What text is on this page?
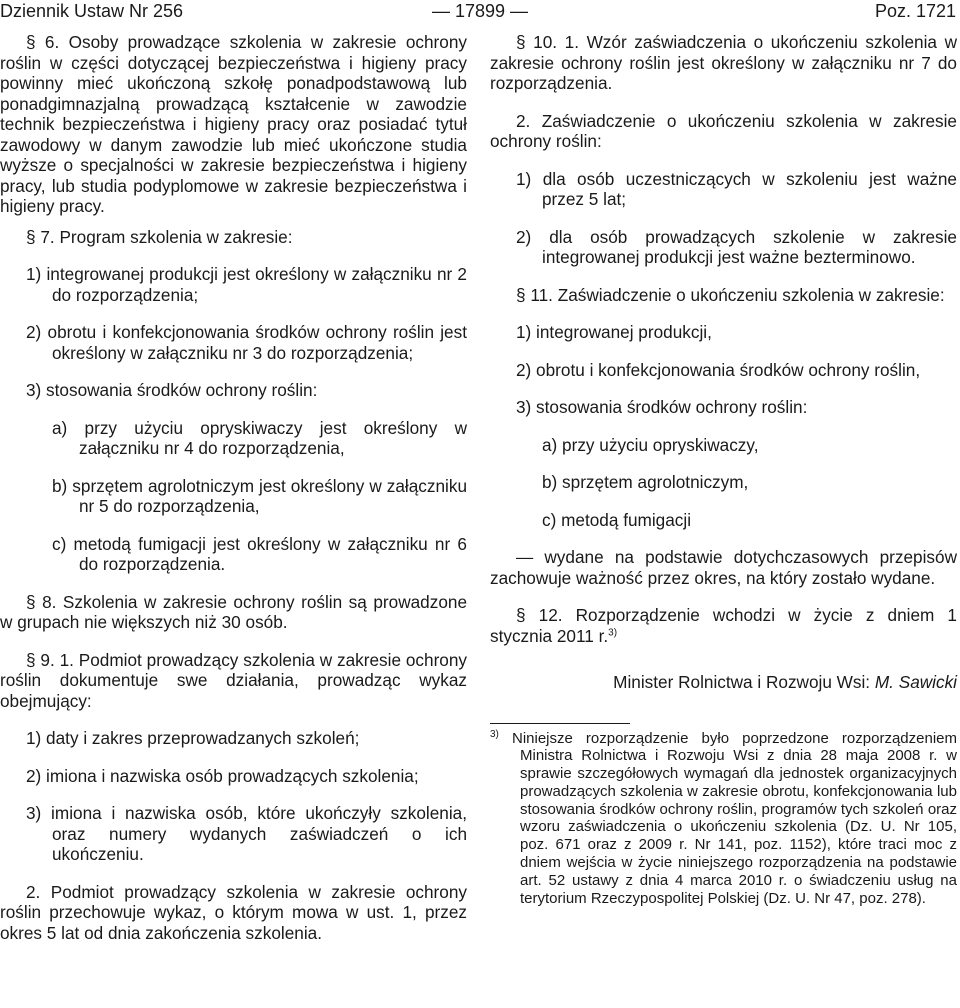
Dziennik Ustaw Nr 256	— 17899 —	Poz. 1721

§ 6. Osoby prowadzące szkolenia w zakresie ochrony roślin w części dotyczącej bezpieczeństwa i higieny pracy powinny mieć ukończoną szkołę ponadpodstawową lub ponadgimnazjalną prowadzącą kształcenie w zawodzie technik bezpieczeństwa i higieny pracy oraz posiadać tytuł zawodowy w danym zawodzie lub mieć ukończone studia wyższe o specjalności w zakresie bezpieczeństwa i higieny pracy, lub studia podyplomowe w zakresie bezpieczeństwa i higieny pracy.

§ 7. Program szkolenia w zakresie:

1) integrowanej produkcji jest określony w załączniku nr 2 do rozporządzenia;

2) obrotu i konfekcjonowania środków ochrony roślin jest określony w załączniku nr 3 do rozporządzenia;

3) stosowania środków ochrony roślin:

a) przy użyciu opryskiwaczy jest określony w załączniku nr 4 do rozporządzenia,

b) sprzętem agrolotniczym jest określony w załączniku nr 5 do rozporządzenia,

c) metodą fumigacji jest określony w załączniku nr 6 do rozporządzenia.

§ 8. Szkolenia w zakresie ochrony roślin są prowadzone w grupach nie większych niż 30 osób.

§ 9. 1. Podmiot prowadzący szkolenia w zakresie ochrony roślin dokumentuje swe działania, prowadząc wykaz obejmujący:

1) daty i zakres przeprowadzanych szkoleń;

2) imiona i nazwiska osób prowadzących szkolenia;

3) imiona i nazwiska osób, które ukończyły szkolenia, oraz numery wydanych zaświadczeń o ich ukończeniu.

2. Podmiot prowadzący szkolenia w zakresie ochrony roślin przechowuje wykaz, o którym mowa w ust. 1, przez okres 5 lat od dnia zakończenia szkolenia.

§ 10. 1. Wzór zaświadczenia o ukończeniu szkolenia w zakresie ochrony roślin jest określony w załączniku nr 7 do rozporządzenia.

2. Zaświadczenie o ukończeniu szkolenia w zakresie ochrony roślin:

1) dla osób uczestniczących w szkoleniu jest ważne przez 5 lat;

2) dla osób prowadzących szkolenie w zakresie integrowanej produkcji jest ważne bezterminowo.

§ 11. Zaświadczenie o ukończeniu szkolenia w zakresie:

1) integrowanej produkcji,

2) obrotu i konfekcjonowania środków ochrony roślin,

3) stosowania środków ochrony roślin:

a) przy użyciu opryskiwaczy,

b) sprzętem agrolotniczym,

c) metodą fumigacji

— wydane na podstawie dotychczasowych przepisów zachowuje ważność przez okres, na który zostało wydane.

§ 12. Rozporządzenie wchodzi w życie z dniem 1 stycznia 2011 r.$^{3)}$

Minister Rolnictwa i Rozwoju Wsi: M. Sawicki

$^{3)}$ Niniejsze rozporządzenie było poprzedzone rozporządzeniem Ministra Rolnictwa i Rozwoju Wsi z dnia 28 maja 2008 r. w sprawie szczegółowych wymagań dla jednostek organizacyjnych prowadzących szkolenia w zakresie obrotu, konfekcjonowania lub stosowania środków ochrony roślin, programów tych szkoleń oraz wzoru zaświadczenia o ukończeniu szkolenia (Dz. U. Nr 105, poz. 671 oraz z 2009 r. Nr 141, poz. 1152), które traci moc z dniem wejścia w życie niniejszego rozporządzenia na podstawie art. 52 ustawy z dnia 4 marca 2010 r. o świadczeniu usług na terytorium Rzeczypospolitej Polskiej (Dz. U. Nr 47, poz. 278).
